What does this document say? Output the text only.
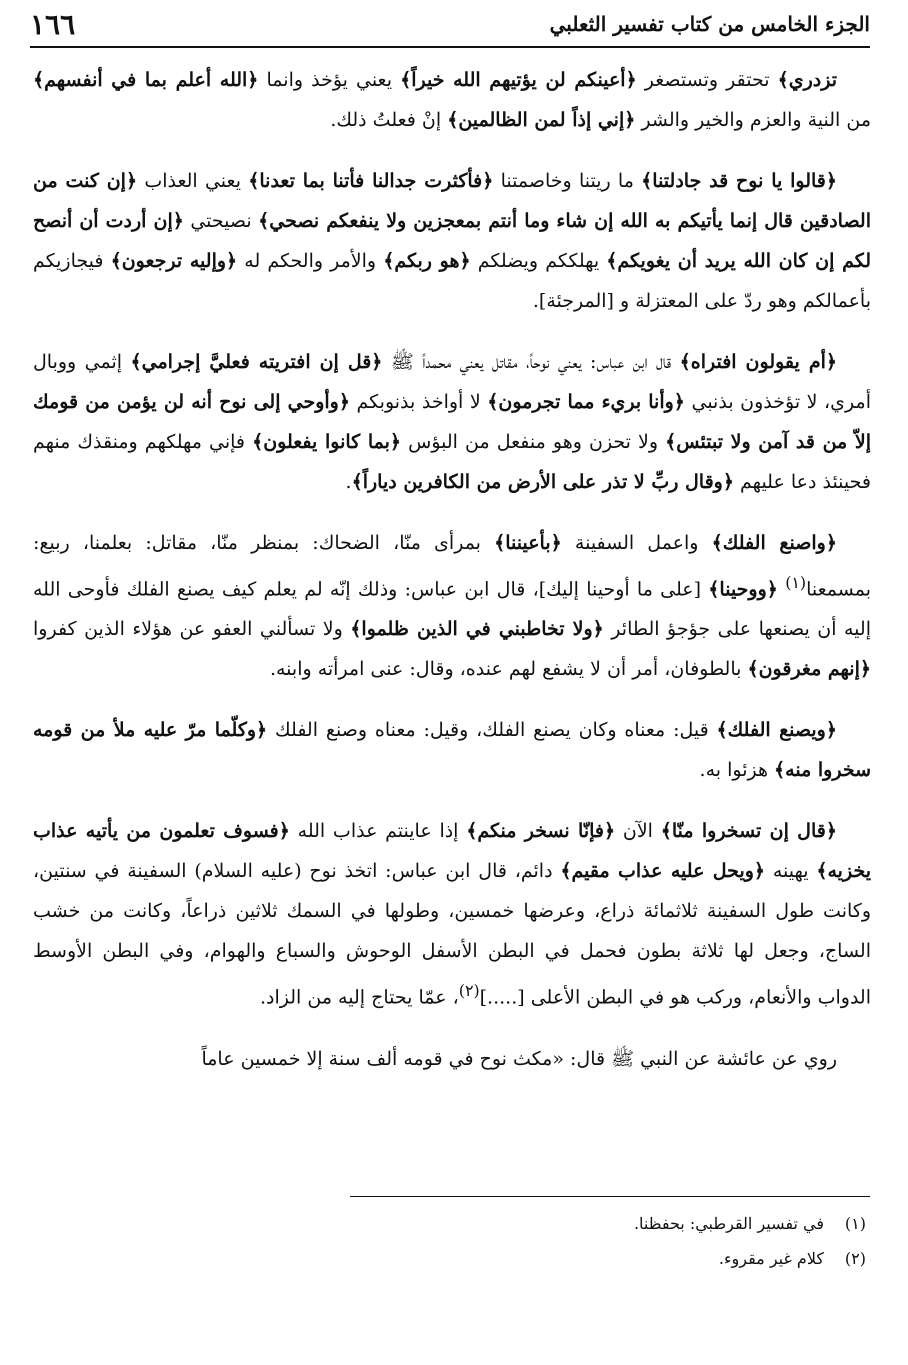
الجزء الخامس من كتاب تفسير الثعلبي
١٦٦

تزدري﴾ تحتقر وتستصغر ﴿أعينكم لن يؤتيهم الله خيراً﴾ يعني يؤخذ وانما ﴿الله أعلم بما في أنفسهم﴾ من النية والعزم والخير والشر ﴿إني إذاً لمن الظالمين﴾ إنْ فعلتُ ذلك.

﴿قالوا يا نوح قد جادلتنا﴾ ما ريتنا وخاصمتنا ﴿فأكثرت جدالنا فأتنا بما تعدنا﴾ يعني العذاب ﴿إن كنت من الصادقين قال إنما يأتيكم به الله إن شاء وما أنتم بمعجزين ولا ينفعكم نصحي﴾ نصيحتي ﴿إن أردت أن أنصح لكم إن كان الله يريد أن يغويكم﴾ يهلككم ويضلكم ﴿هو ربكم﴾ والأمر والحكم له ﴿وإليه ترجعون﴾ فيجازيكم بأعمالكم وهو ردّ على المعتزلة و [المرجئة].

﴿أم يقولون افتراه﴾ قال ابن عباس: يعني نوحاً، مقاتل يعني محمداً ﷺ ﴿قل إن افتريته فعليَّ إجرامي﴾ إثمي ووبال أمري، لا تؤخذون بذنبي ﴿وأنا بريء مما تجرمون﴾ لا أواخذ بذنوبكم ﴿وأوحي إلى نوح أنه لن يؤمن من قومك إلاّ من قد آمن ولا تبتئس﴾ ولا تحزن وهو منفعل من البؤس ﴿بما كانوا يفعلون﴾ فإني مهلكهم ومنقذك منهم فحينئذ دعا عليهم ﴿وقال ربِّ لا تذر على الأرض من الكافرين دياراً﴾.

﴿واصنع الفلك﴾ واعمل السفينة ﴿بأعيننا﴾ بمرأى منّا، الضحاك: بمنظر منّا، مقاتل: بعلمنا، ربيع: بمسمعنا$^{(١)}$ ﴿ووحينا﴾ [على ما أوحينا إليك]، قال ابن عباس: وذلك إنّه لم يعلم كيف يصنع الفلك فأوحى الله إليه أن يصنعها على جؤجؤ الطائر ﴿ولا تخاطبني في الذين ظلموا﴾ ولا تسألني العفو عن هؤلاء الذين كفروا ﴿إنهم مغرقون﴾ بالطوفان، أمر أن لا يشفع لهم عنده، وقال: عنى امرأته وابنه.

﴿ويصنع الفلك﴾ قيل: معناه وكان يصنع الفلك، وقيل: معناه وصنع الفلك ﴿وكلّما مرّ عليه ملأ من قومه سخروا منه﴾ هزئوا به.

﴿قال إن تسخروا منّا﴾ الآن ﴿فإنّا نسخر منكم﴾ إذا عاينتم عذاب الله ﴿فسوف تعلمون من يأتيه عذاب يخزيه﴾ يهينه ﴿ويحل عليه عذاب مقيم﴾ دائم، قال ابن عباس: اتخذ نوح (عليه السلام) السفينة في سنتين، وكانت طول السفينة ثلاثمائة ذراع، وعرضها خمسين، وطولها في السمك ثلاثين ذراعاً، وكانت من خشب الساج، وجعل لها ثلاثة بطون فحمل في البطن الأسفل الوحوش والسباع والهوام، وفي البطن الأوسط الدواب والأنعام، وركب هو في البطن الأعلى [.....]$^{(٢)}$، عمّا يحتاج إليه من الزاد.

روي عن عائشة عن النبي ﷺ قال: «مكث نوح في قومه ألف سنة إلا خمسين عاماً

(١)
في تفسير القرطبي: بحفظنا.
(٢)
كلام غير مقروء.
